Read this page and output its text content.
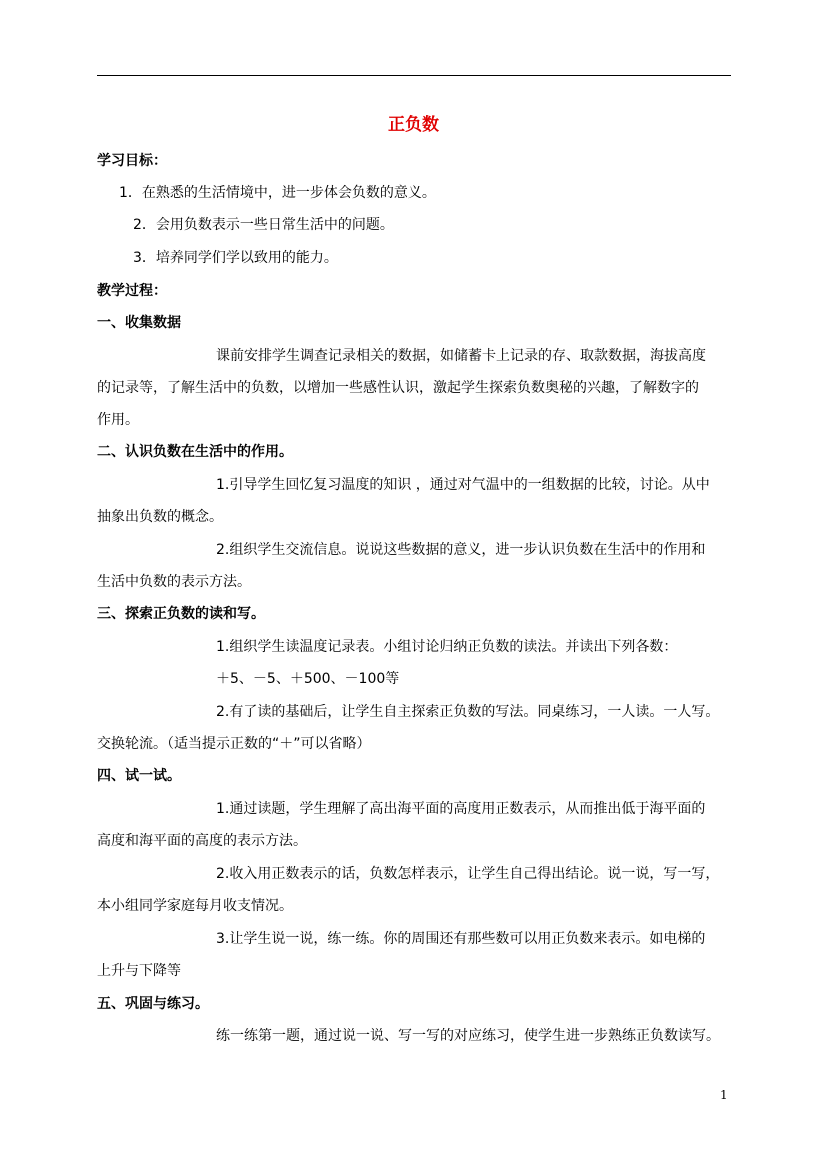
正负数
学习目标：
1．在熟悉的生活情境中，进一步体会负数的意义。
2．会用负数表示一些日常生活中的问题。
3．培养同学们学以致用的能力。
教学过程：
一、收集数据
课前安排学生调查记录相关的数据，如储蓄卡上记录的存、取款数据，海拔高度
的记录等，了解生活中的负数，以增加一些感性认识，激起学生探索负数奥秘的兴趣，了解数字的
作用。
二、认识负数在生活中的作用。
1.引导学生回忆复习温度的知识 ，通过对气温中的一组数据的比较，讨论。从中
抽象出负数的概念。
2.组织学生交流信息。说说这些数据的意义，进一步认识负数在生活中的作用和
生活中负数的表示方法。
三、探索正负数的读和写。
1.组织学生读温度记录表。小组讨论归纳正负数的读法。并读出下列各数：
＋5、－5、＋500、－100等
2.有了读的基础后，让学生自主探索正负数的写法。同桌练习，一人读。一人写。
交换轮流。（适当提示正数的“＋”可以省略）
四、试一试。
1.通过读题，学生理解了高出海平面的高度用正数表示，从而推出低于海平面的
高度和海平面的高度的表示方法。
2.收入用正数表示的话，负数怎样表示，让学生自己得出结论。说一说，写一写，
本小组同学家庭每月收支情况。
3.让学生说一说，练一练。你的周围还有那些数可以用正负数来表示。如电梯的
上升与下降等
五、巩固与练习。
练一练第一题，通过说一说、写一写的对应练习，使学生进一步熟练正负数读写。
1
